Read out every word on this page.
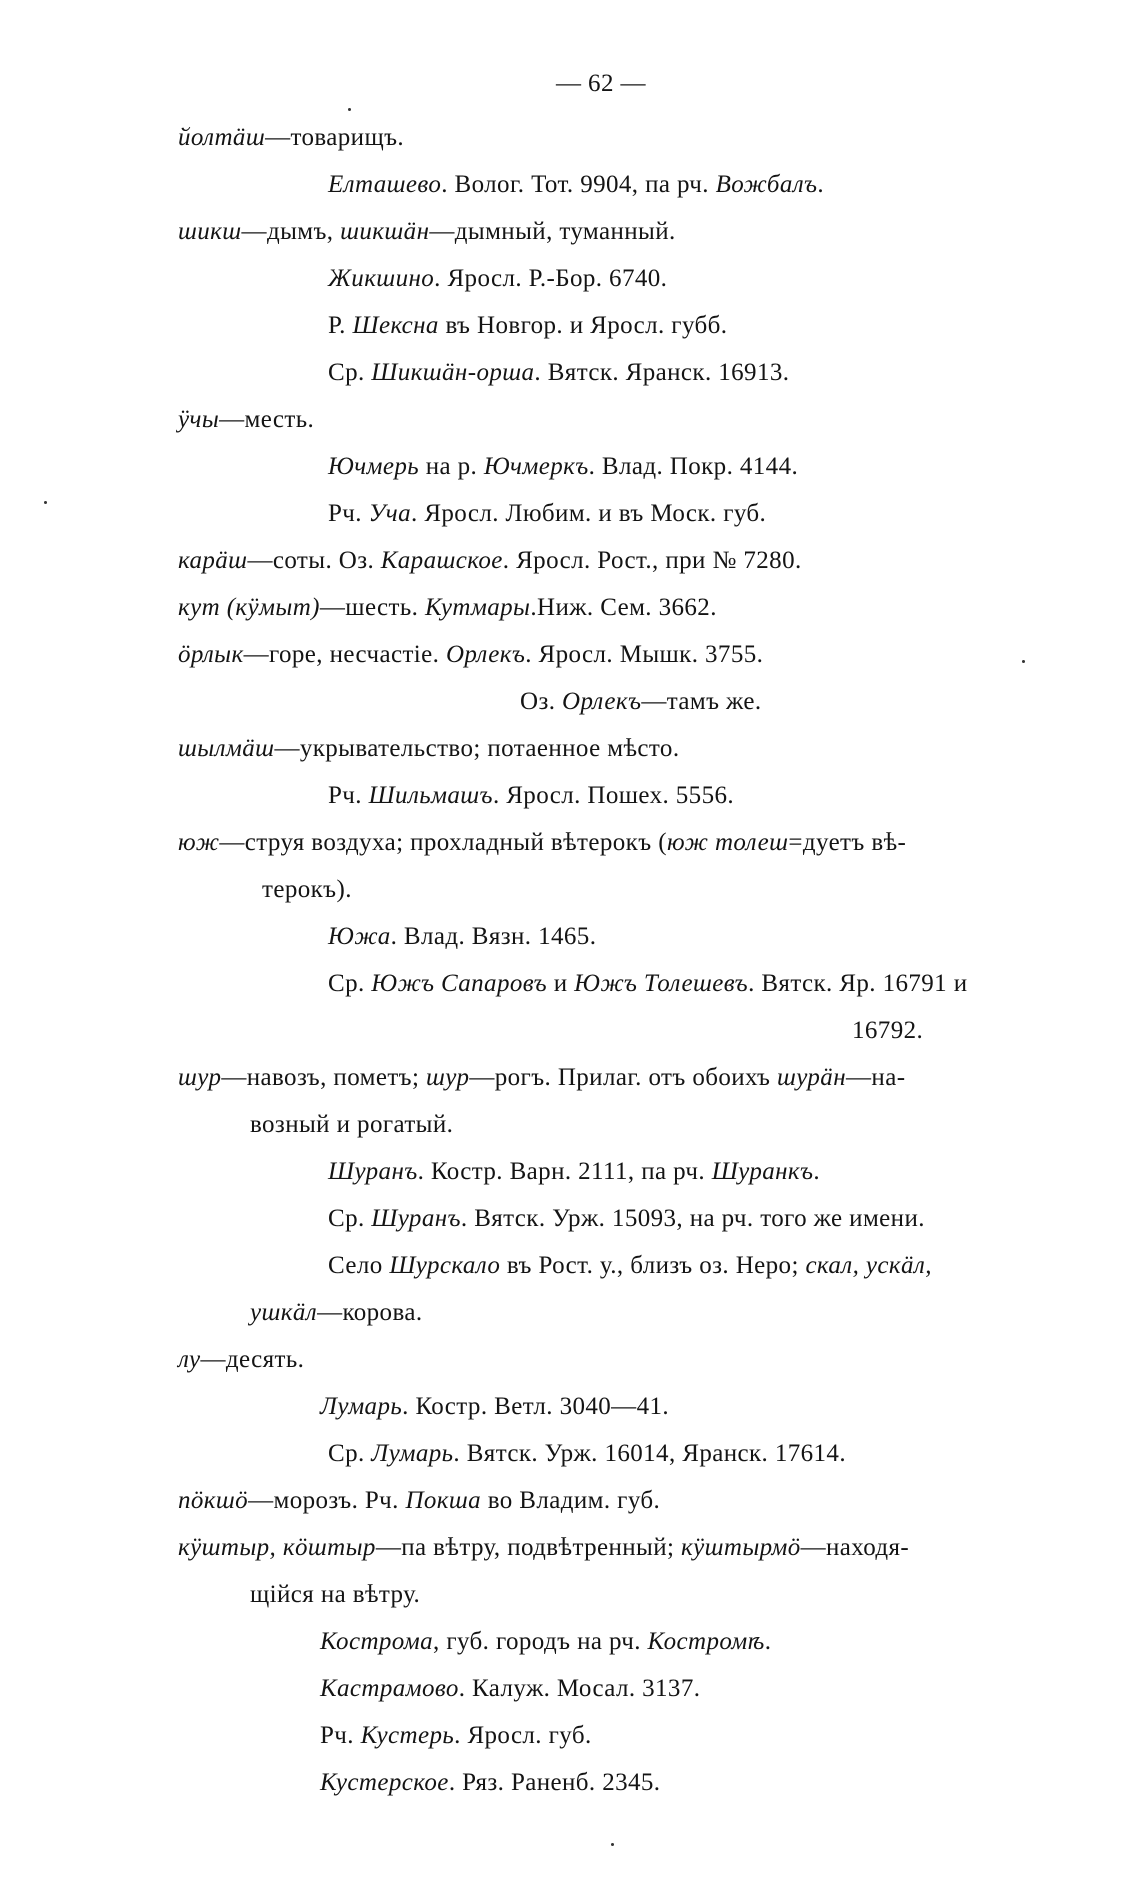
— 62 —
йолтӓш—товарищъ.
Елташево. Волог. Тот. 9904, па рч. Вожбалъ.
шикш—дымъ, шикшӓн—дымный, туманный.
Жикшино. Яросл. Р.-Бор. 6740.
Р. Шексна въ Новгор. и Яросл. губб.
Ср. Шикшӓн-орша. Вятск. Яранск. 16913.
ӱчы—месть.
Ючмерь на р. Ючмеркъ. Влад. Покр. 4144.
Рч. Уча. Яросл. Любим. и въ Моск. губ.
карӓш—соты. Оз. Карашское. Яросл. Рост., при № 7280.
кут (кӱмыт)—шесть. Кутмары.Ниж. Сем. 3662.
ӧрлык—горе, несчастіе. Орлекъ. Яросл. Мышк. 3755.
Оз. Орлекъ—тамъ же.
шылмӓш—укрывательство; потаенное мѣсто.
Рч. Шильмашъ. Яросл. Пошех. 5556.
юж—струя воздуха; прохладный вѣтерокъ (юж толеш=дуетъ вѣ-
терокъ).
Южа. Влад. Вязн. 1465.
Ср. Южъ Сапаровъ и Южъ Толешевъ. Вятск. Яр. 16791 и
16792.
шур—навозъ, пометъ; шур—рогъ. Прилаг. отъ обоихъ шурӓн—на-
возный и рогатый.
Шуранъ. Костр. Варн. 2111, па рч. Шуранкъ.
Ср. Шуранъ. Вятск. Урж. 15093, на рч. того же имени.
Село Шурскало въ Рост. у., близъ оз. Неро; скал, ускӓл,
ушкӓл—корова.
лу—десять.
Лумарь. Костр. Ветл. 3040—41.
Ср. Лумарь. Вятск. Урж. 16014, Яранск. 17614.
пӧкшӧ—морозъ. Рч. Покша во Владим. губ.
кӱштыр, кӧштыр—па вѣтру, подвѣтренный; кӱштырмӧ—находя-
щійся на вѣтру.
Кострома, губ. городъ на рч. Костромѣ.
Кастрамово. Калуж. Мосал. 3137.
Рч. Кустерь. Яросл. губ.
Кустерское. Ряз. Раненб. 2345.
